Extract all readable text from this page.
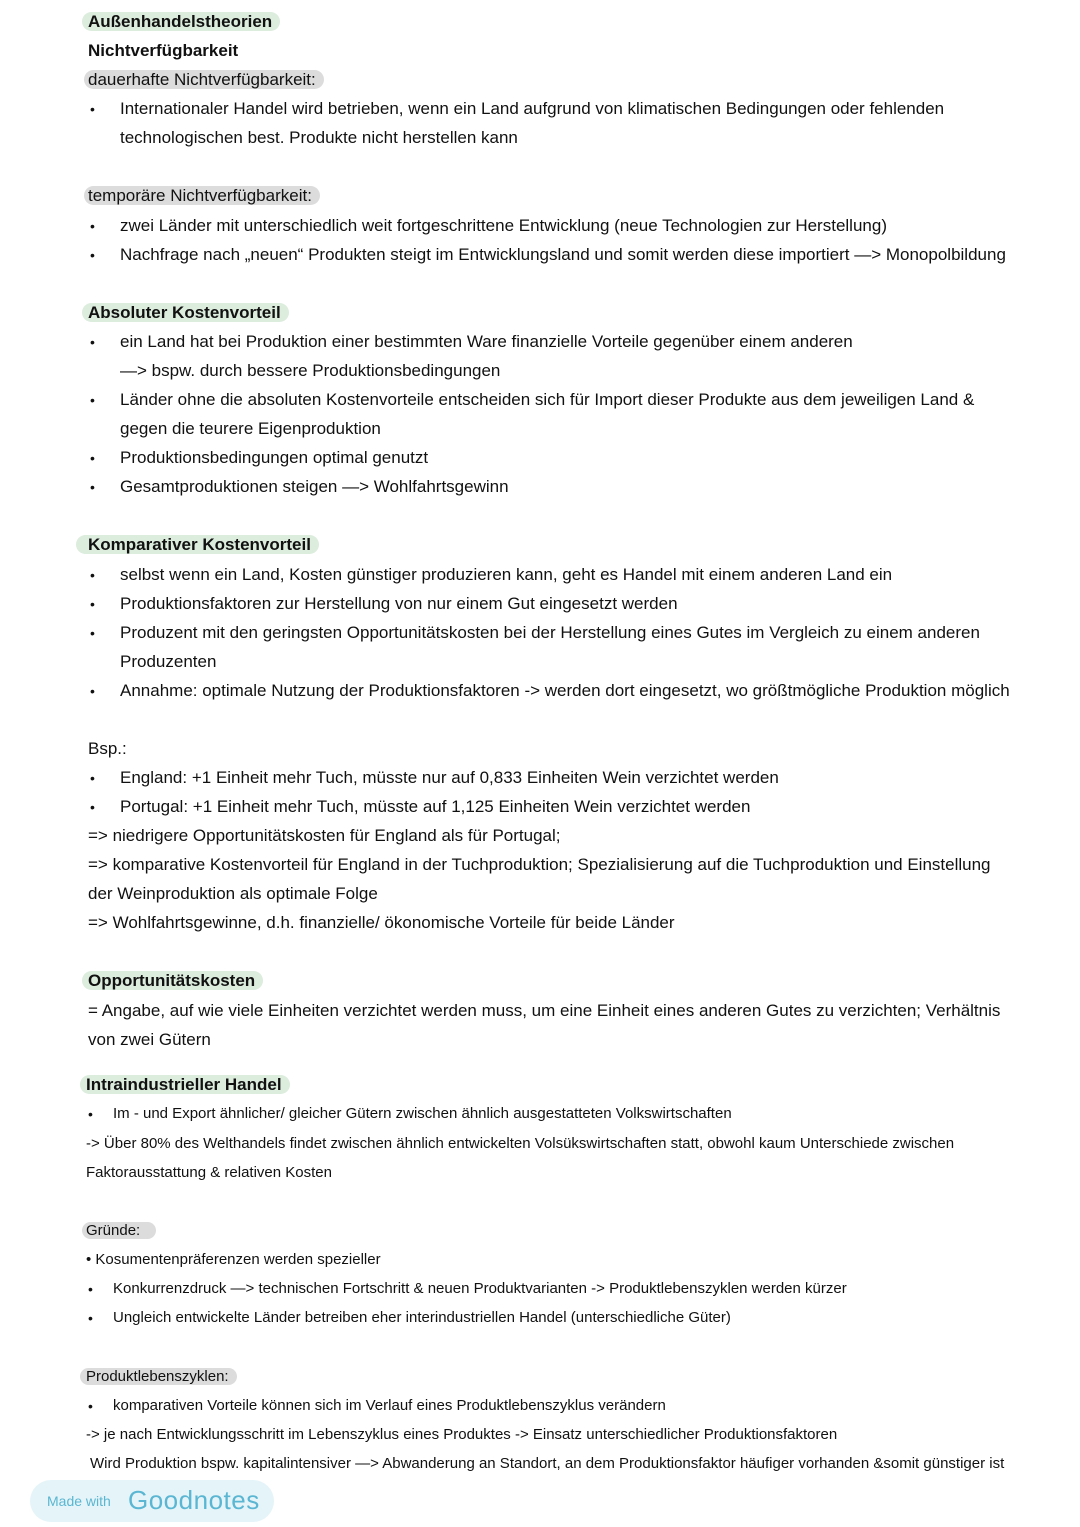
Außenhandelstheorien
Nichtverfügbarkeit
dauerhafte Nichtverfügbarkeit:
• Internationaler Handel wird betrieben, wenn ein Land aufgrund von klimatischen Bedingungen oder fehlenden
technologischen best. Produkte nicht herstellen kann
temporäre Nichtverfügbarkeit:
• zwei Länder mit unterschiedlich weit fortgeschrittene Entwicklung (neue Technologien zur Herstellung)
• Nachfrage nach „neuen“ Produkten steigt im Entwicklungsland und somit werden diese importiert —> Monopolbildung
Absoluter Kostenvorteil
• ein Land hat bei Produktion einer bestimmten Ware finanzielle Vorteile gegenüber einem anderen
—> bspw. durch bessere Produktionsbedingungen
• Länder ohne die absoluten Kostenvorteile entscheiden sich für Import dieser Produkte aus dem jeweiligen Land &
gegen die teurere Eigenproduktion
• Produktionsbedingungen optimal genutzt
• Gesamtproduktionen steigen —> Wohlfahrtsgewinn
Komparativer Kostenvorteil
• selbst wenn ein Land, Kosten günstiger produzieren kann, geht es Handel mit einem anderen Land ein
• Produktionsfaktoren zur Herstellung von nur einem Gut eingesetzt werden
• Produzent mit den geringsten Opportunitätskosten bei der Herstellung eines Gutes im Vergleich zu einem anderen
Produzenten
• Annahme: optimale Nutzung der Produktionsfaktoren -> werden dort eingesetzt, wo größtmögliche Produktion möglich
Bsp.:
• England: +1 Einheit mehr Tuch, müsste nur auf 0,833 Einheiten Wein verzichtet werden
• Portugal: +1 Einheit mehr Tuch, müsste auf 1,125 Einheiten Wein verzichtet werden
=> niedrigere Opportunitätskosten für England als für Portugal;
=> komparative Kostenvorteil für England in der Tuchproduktion; Spezialisierung auf die Tuchproduktion und Einstellung
der Weinproduktion als optimale Folge
=> Wohlfahrtsgewinne, d.h. finanzielle/ ökonomische Vorteile für beide Länder
Opportunitätskosten
= Angabe, auf wie viele Einheiten verzichtet werden muss, um eine Einheit eines anderen Gutes zu verzichten; Verhältnis
von zwei Gütern
Intraindustrieller Handel
• Im - und Export ähnlicher/ gleicher Gütern zwischen ähnlich ausgestatteten Volkswirtschaften
-> Über 80% des Welthandels findet zwischen ähnlich entwickelten Volsükswirtschaften statt, obwohl kaum Unterschiede zwischen
Faktorausstattung & relativen Kosten
Gründe:
• Kosumentenpräferenzen werden spezieller
• Konkurrenzdruck —> technischen Fortschritt & neuen Produktvarianten -> Produktlebenszyklen werden kürzer
• Ungleich entwickelte Länder betreiben eher interindustriellen Handel (unterschiedliche Güter)
Produktlebenszyklen:
• komparativen Vorteile können sich im Verlauf eines Produktlebenszyklus verändern
-> je nach Entwicklungsschritt im Lebenszyklus eines Produktes -> Einsatz unterschiedlicher Produktionsfaktoren
Wird Produktion bspw. kapitalintensiver —> Abwanderung an Standort, an dem Produktionsfaktor häufiger vorhanden &somit günstiger ist
Made with Goodnotes
